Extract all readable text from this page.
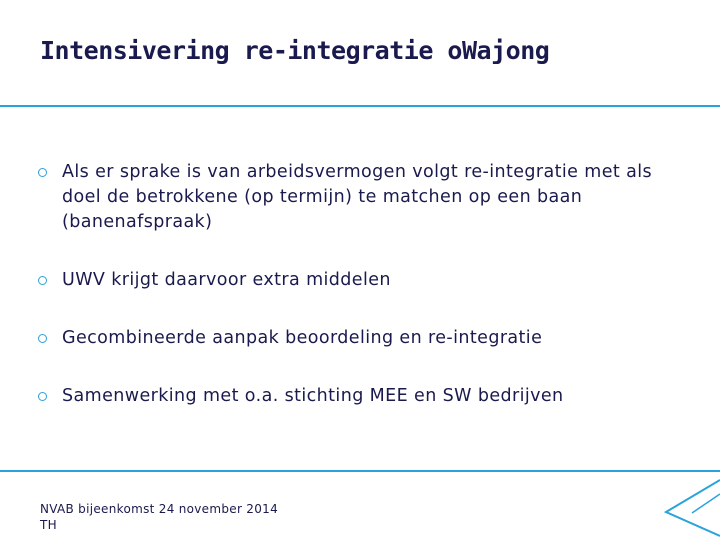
Intensivering re-integratie oWajong
Als er sprake is van arbeidsvermogen volgt re-integratie met als doel de betrokkene (op termijn) te matchen op een baan (banenafspraak)
UWV krijgt daarvoor extra middelen
Gecombineerde aanpak beoordeling en re-integratie
Samenwerking met o.a. stichting MEE en SW bedrijven
NVAB bijeenkomst 24 november 2014
TH
